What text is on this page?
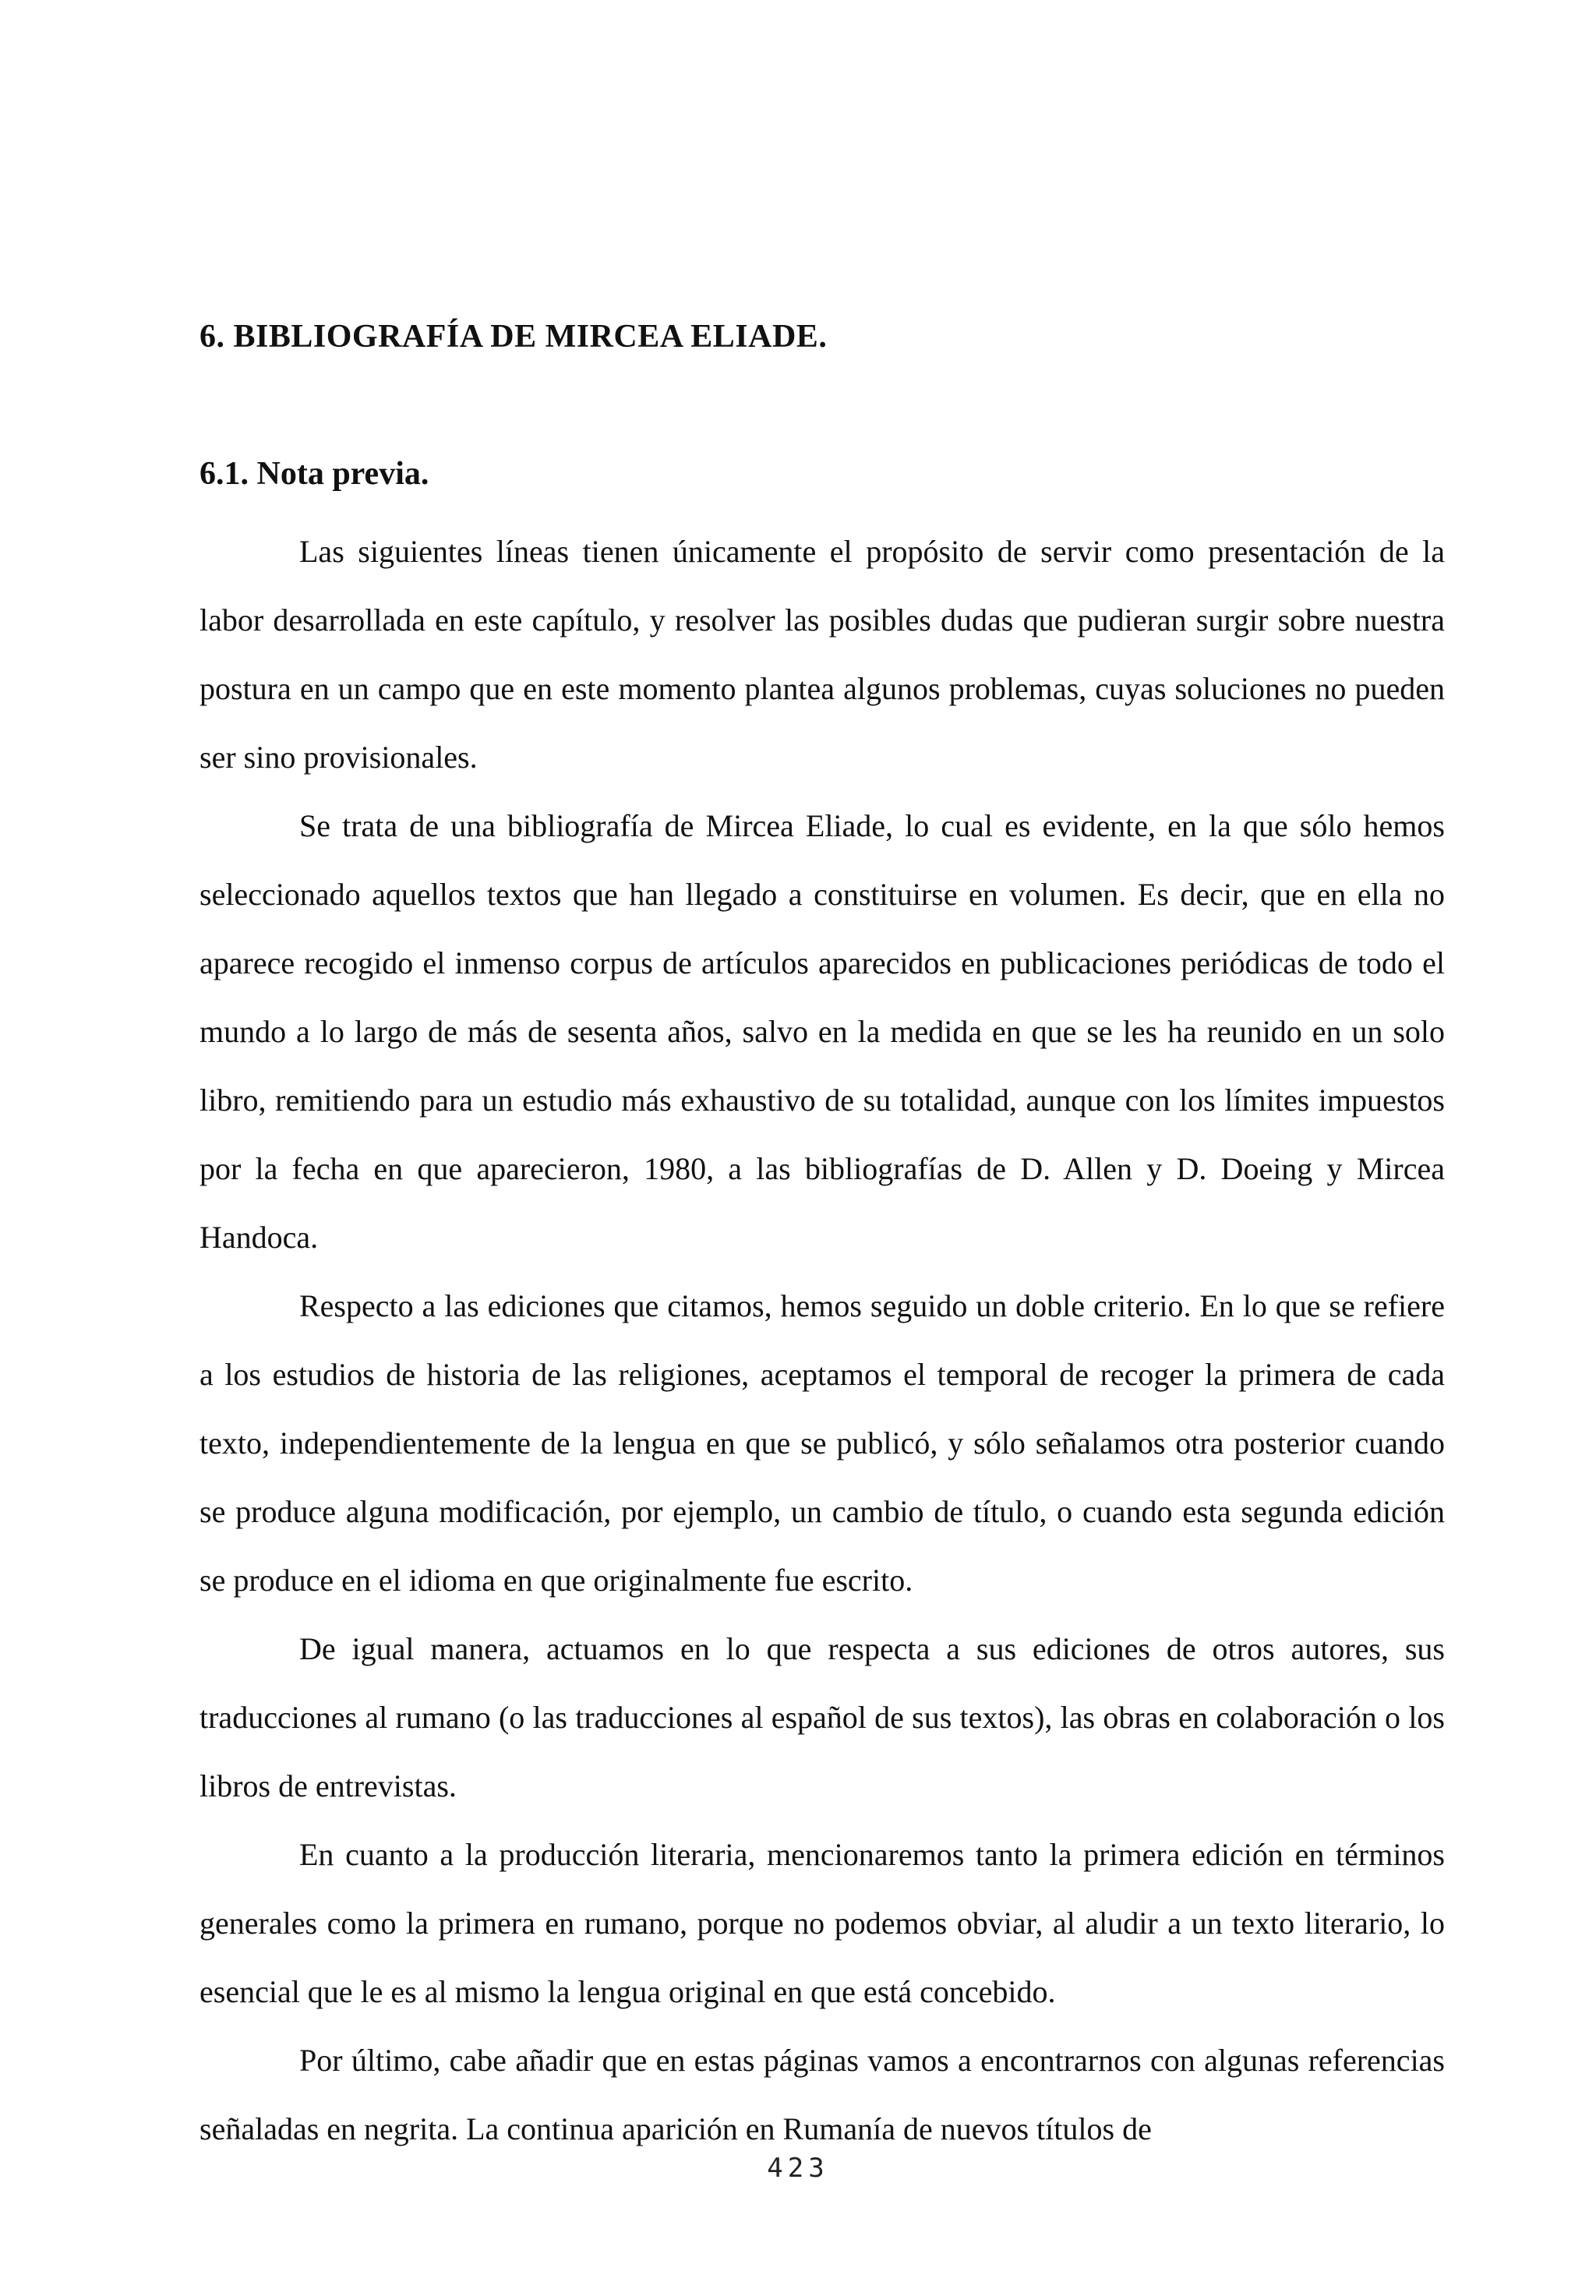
6. BIBLIOGRAFÍA DE MIRCEA ELIADE.
6.1. Nota previa.

Las siguientes líneas tienen únicamente el propósito de servir como presentación de la labor desarrollada en este capítulo, y resolver las posibles dudas que pudieran surgir sobre nuestra postura en un campo que en este momento plantea algunos problemas, cuyas soluciones no pueden ser sino provisionales.

Se trata de una bibliografía de Mircea Eliade, lo cual es evidente, en la que sólo hemos seleccionado aquellos textos que han llegado a constituirse en volumen. Es decir, que en ella no aparece recogido el inmenso corpus de artículos aparecidos en publicaciones periódicas de todo el mundo a lo largo de más de sesenta años, salvo en la medida en que se les ha reunido en un solo libro, remitiendo para un estudio más exhaustivo de su totalidad, aunque con los límites impuestos por la fecha en que aparecieron, 1980, a las bibliografías de D. Allen y D. Doeing y Mircea Handoca.

Respecto a las ediciones que citamos, hemos seguido un doble criterio. En lo que se refiere a los estudios de historia de las religiones, aceptamos el temporal de recoger la primera de cada texto, independientemente de la lengua en que se publicó, y sólo señalamos otra posterior cuando se produce alguna modificación, por ejemplo, un cambio de título, o cuando esta segunda edición se produce en el idioma en que originalmente fue escrito.

De igual manera, actuamos en lo que respecta a sus ediciones de otros autores, sus traducciones al rumano (o las traducciones al español de sus textos), las obras en colaboración o los libros de entrevistas.

En cuanto a la producción literaria, mencionaremos tanto la primera edición en términos generales como la primera en rumano, porque no podemos obviar, al aludir a un texto literario, lo esencial que le es al mismo la lengua original en que está concebido.

Por último, cabe añadir que en estas páginas vamos a encontrarnos con algunas referencias señaladas en negrita. La continua aparición en Rumanía de nuevos títulos de

423
